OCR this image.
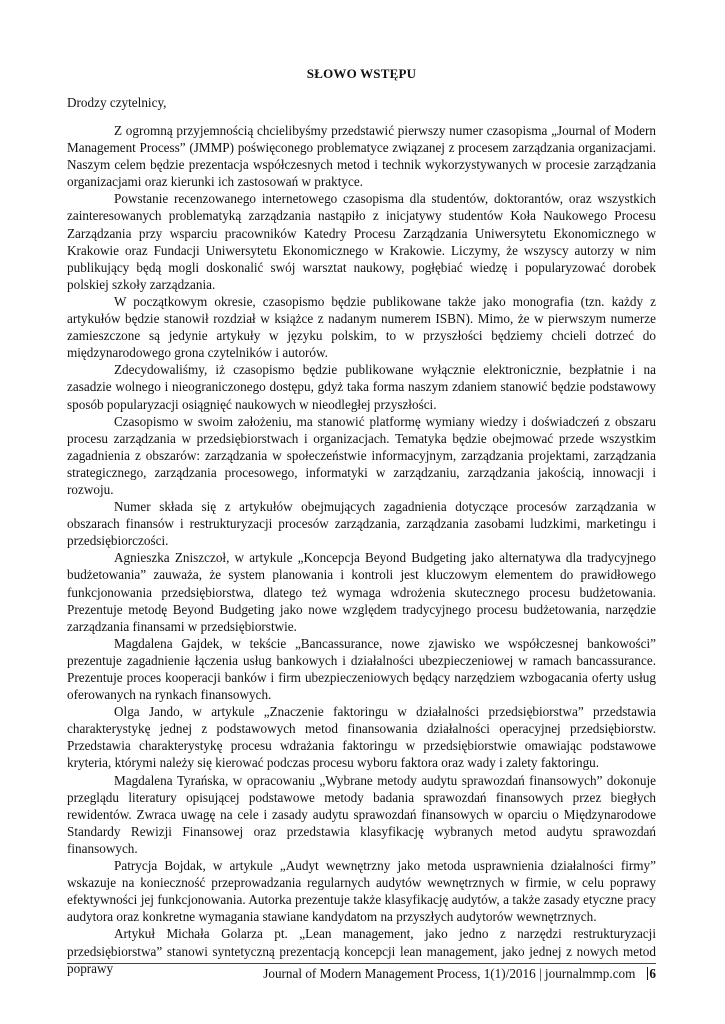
SŁOWO WSTĘPU
Drodzy czytelnicy,

Z ogromną przyjemnością chcielibyśmy przedstawić pierwszy numer czasopisma „Journal of Modern Management Process” (JMMP) poświęconego problematyce związanej z procesem zarządzania organizacjami. Naszym celem będzie prezentacja współczesnych metod i technik wykorzystywanych w procesie zarządzania organizacjami oraz kierunki ich zastosowań w praktyce.

Powstanie recenzowanego internetowego czasopisma dla studentów, doktorantów, oraz wszystkich zainteresowanych problematyką zarządzania nastąpiło z inicjatywy studentów Koła Naukowego Procesu Zarządzania przy wsparciu pracowników Katedry Procesu Zarządzania Uniwersytetu Ekonomicznego w Krakowie oraz Fundacji Uniwersytetu Ekonomicznego w Krakowie. Liczymy, że wszyscy autorzy w nim publikujący będą mogli doskonalić swój warsztat naukowy, pogłębiać wiedzę i popularyzować dorobek polskiej szkoły zarządzania.

W początkowym okresie, czasopismo będzie publikowane także jako monografia (tzn. każdy z artykułów będzie stanowił rozdział w książce z nadanym numerem ISBN). Mimo, że w pierwszym numerze zamieszczone są jedynie artykuły w języku polskim, to w przyszłości będziemy chcieli dotrzeć do międzynarodowego grona czytelników i autorów.

Zdecydowaliśmy, iż czasopismo będzie publikowane wyłącznie elektronicznie, bezpłatnie i na zasadzie wolnego i nieograniczonego dostępu, gdyż taka forma naszym zdaniem stanowić będzie podstawowy sposób popularyzacji osiągnięć naukowych w nieodległej przyszłości.

Czasopismo w swoim założeniu, ma stanowić platformę wymiany wiedzy i doświadczeń z obszaru procesu zarządzania w przedsiębiorstwach i organizacjach. Tematyka będzie obejmować przede wszystkim zagadnienia z obszarów: zarządzania w społeczeństwie informacyjnym, zarządzania projektami, zarządzania strategicznego, zarządzania procesowego, informatyki w zarządzaniu, zarządzania jakością, innowacji i rozwoju.

Numer składa się z artykułów obejmujących zagadnienia dotyczące procesów zarządzania w obszarach finansów i restrukturyzacji procesów zarządzania, zarządzania zasobami ludzkimi, marketingu i przedsiębiorczości.

Agnieszka Zniszczoł, w artykule „Koncepcja Beyond Budgeting jako alternatywa dla tradycyjnego budżetowania” zauważa, że system planowania i kontroli jest kluczowym elementem do prawidłowego funkcjonowania przedsiębiorstwa, dlatego też wymaga wdrożenia skutecznego procesu budżetowania. Prezentuje metodę Beyond Budgeting jako nowe względem tradycyjnego procesu budżetowania, narzędzie zarządzania finansami w przedsiębiorstwie.

Magdalena Gajdek, w tekście „Bancassurance, nowe zjawisko we współczesnej bankowości” prezentuje zagadnienie łączenia usług bankowych i działalności ubezpieczeniowej w ramach bancassurance. Prezentuje proces kooperacji banków i firm ubezpieczeniowych będący narzędziem wzbogacania oferty usług oferowanych na rynkach finansowych.

Olga Jando, w artykule „Znaczenie faktoringu w działalności przedsiębiorstwa” przedstawia charakterystykę jednej z podstawowych metod finansowania działalności operacyjnej przedsiębiorstw. Przedstawia charakterystykę procesu wdrażania faktoringu w przedsiębiorstwie omawiając podstawowe kryteria, którymi należy się kierować podczas procesu wyboru faktora oraz wady i zalety faktoringu.

Magdalena Tyrańska, w opracowaniu „Wybrane metody audytu sprawozdań finansowych” dokonuje przeglądu literatury opisującej podstawowe metody badania sprawozdań finansowych przez biegłych rewidentów. Zwraca uwagę na cele i zasady audytu sprawozdań finansowych w oparciu o Międzynarodowe Standardy Rewizji Finansowej oraz przedstawia klasyfikację wybranych metod audytu sprawozdań finansowych.

Patrycja Bojdak, w artykule „Audyt wewnętrzny jako metoda usprawnienia działalności firmy” wskazuje na konieczność przeprowadzania regularnych audytów wewnętrznych w firmie, w celu poprawy efektywności jej funkcjonowania. Autorka prezentuje także klasyfikację audytów, a także zasady etyczne pracy audytora oraz konkretne wymagania stawiane kandydatom na przyszłych audytorów wewnętrznych.

Artykuł Michała Golarza pt. „Lean management, jako jedno z narzędzi restrukturyzacji przedsiębiorstwa” stanowi syntetyczną prezentacją koncepcji lean management, jako jednej z nowych metod poprawy	Journal of Modern Management Process, 1(1)/2016 | journalmmp.com 6
